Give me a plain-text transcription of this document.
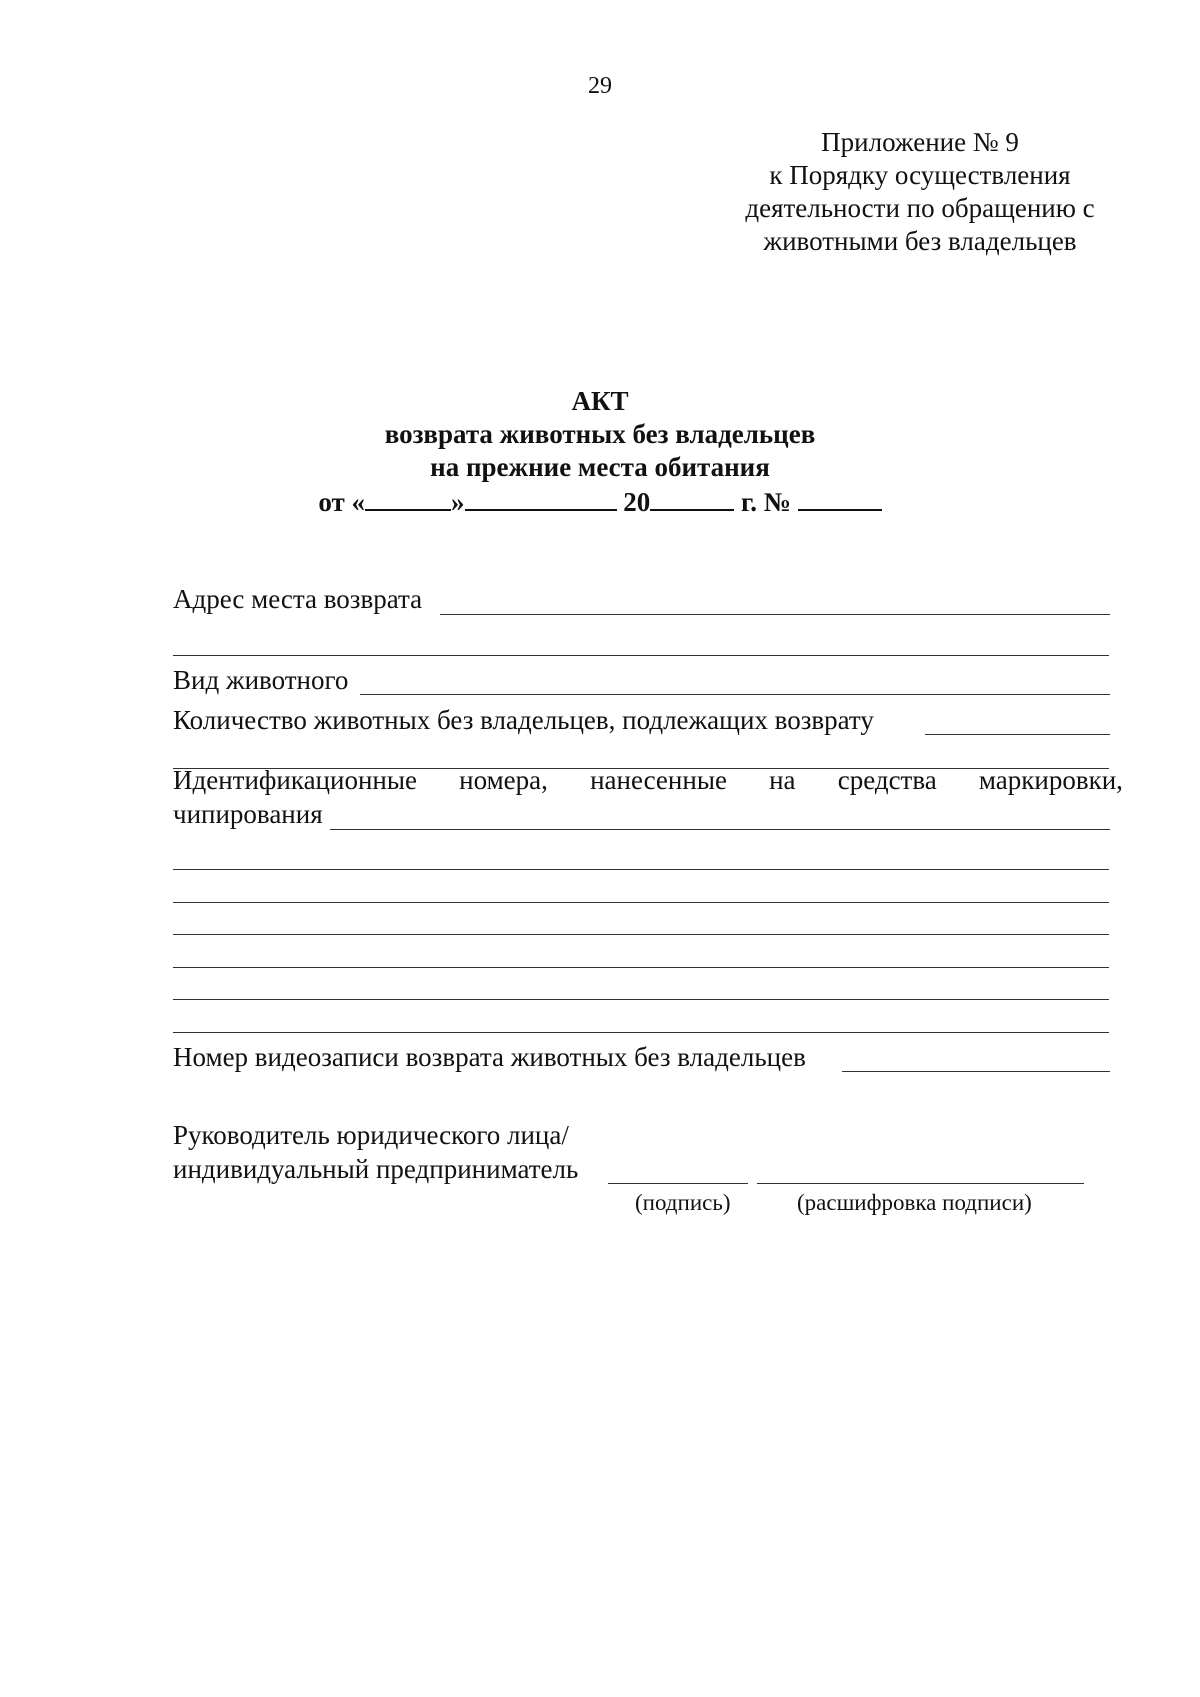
29
Приложение № 9
к Порядку осуществления
деятельности по обращению с
животными без владельцев
АКТ
возврата животных без владельцев
на прежние места обитания
от «	»	20	г. №
Адрес места возврата
Вид животного
Количество животных без владельцев, подлежащих возврату
Идентификационные номера, нанесенные на средства маркировки,
чипирования
Номер видеозаписи возврата животных без владельцев
Руководитель юридического лица/
индивидуальный предприниматель
(подпись)	(расшифровка подписи)
